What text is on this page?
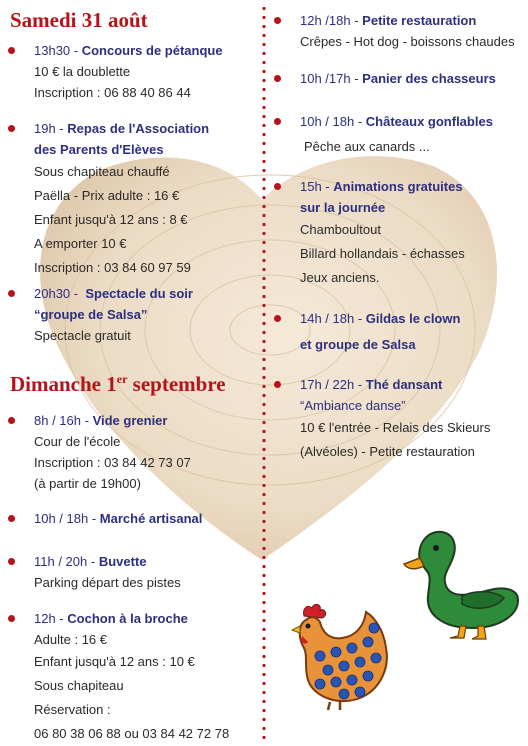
Samedi 31 août
13h30 - Concours de pétanque
10 € la doublette
Inscription : 06 88 40 86 44
19h - Repas de l'Association
des Parents d'Elèves
Sous chapiteau chauffé
Paëlla - Prix adulte : 16 €
Enfant jusqu'à 12 ans : 8 €
A emporter 10 €
Inscription : 03 84 60 97 59
20h30 - Spectacle du soir
“groupe de Salsa”
Spectacle gratuit
Dimanche 1er septembre
8h / 16h - Vide grenier
Cour de l'école
Inscription : 03 84 42 73 07
(à partir de 19h00)
10h / 18h - Marché artisanal
11h / 20h - Buvette
Parking départ des pistes
12h - Cochon à la broche
Adulte : 16 €
Enfant jusqu'à 12 ans : 10 €
Sous chapiteau
Réservation :
06 80 38 06 88 ou 03 84 42 72 78
12h /18h - Petite restauration
Crêpes - Hot dog - boissons chaudes
10h /17h - Panier des chasseurs
10h / 18h - Châteaux gonflables
Pêche aux canards ...
15h - Animations gratuites
sur la journée
Chamboultout
Billard hollandais - échasses
Jeux anciens.
14h / 18h - Gildas le clown
et groupe de Salsa
17h / 22h - Thé dansant
“Ambiance danse”
10 € l'entrée - Relais des Skieurs
(Alvéoles) - Petite restauration
